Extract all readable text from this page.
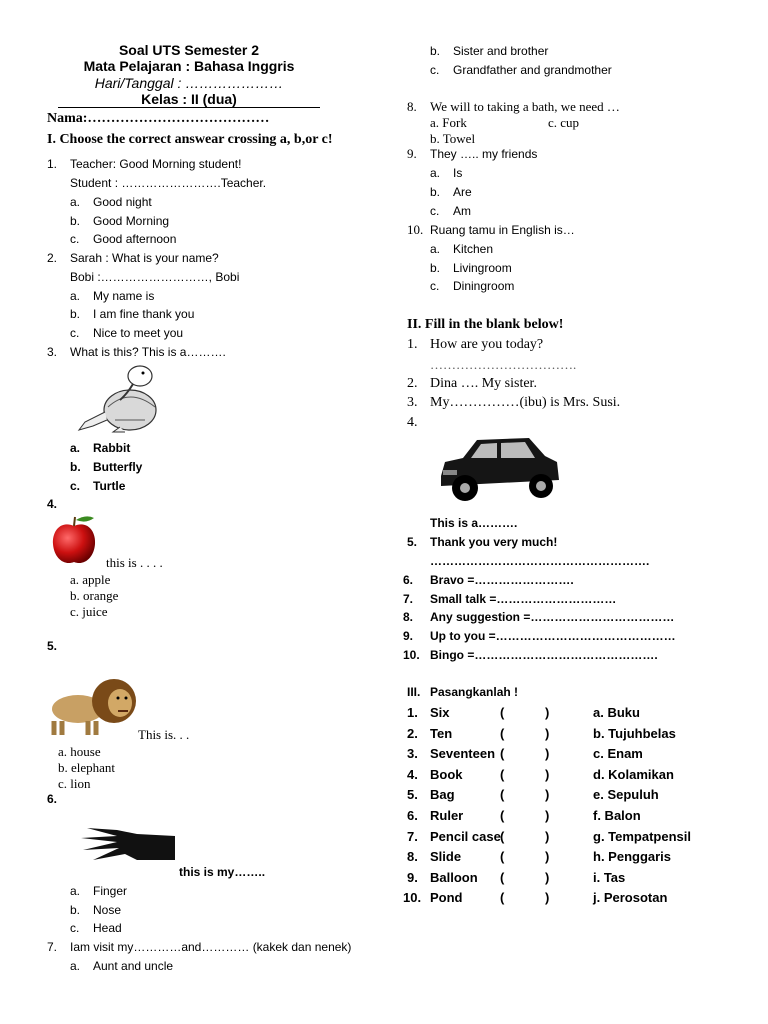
Soal UTS Semester 2
Mata Pelajaran : Bahasa Inggris
Hari/Tanggal : …………………
Kelas : II (dua)
Nama:…………………………………
I. Choose the correct answear crossing a, b,or c!
1. Teacher: Good Morning student!
Student : …………………….Teacher.
a. Good night
b. Good Morning
c. Good afternoon
2. Sarah : What is your name?
Bobi :………………………, Bobi
a. My name is
b. I am fine thank you
c. Nice to meet you
3. What is this? This is a……….
a. Rabbit
b. Butterfly
c. Turtle
4.
this is . . . .
a. apple
b. orange
c. juice
5.
This is. . .
a. house
b. elephant
c. lion
6.
this is my……..
a. Finger
b. Nose
c. Head
7. Iam visit my…………and………… (kakek dan nenek)
a. Aunt and uncle
b. Sister and brother
c. Grandfather and grandmother
8. We will to taking a bath, we need …
a. Fork	c. cup
b. Towel
9. They ….. my friends
a. Is
b. Are
c. Am
10. Ruang tamu in English is…
a. Kitchen
b. Livingroom
c. Diningroom
II. Fill in the blank below!
1. How are you today?
…………………………….
2. Dina …. My sister.
3. My……………(ibu) is Mrs. Susi.
4.
This is a……….
5. Thank you very much!
……………………………………………….
6. Bravo =…………………….
7. Small talk =…………………………
8. Any suggestion =………………………………
9. Up to you =………………………………………
10. Bingo =……………………………………….
III. Pasangkanlah !
1. Six	(	)	a. Buku
2. Ten	(	)	b. Tujuhbelas
3. Seventeen (	)	c. Enam
4. Book	(	)	d. Kolamikan
5. Bag	(	)	e. Sepuluh
6. Ruler	(	)	f. Balon
7. Pencil case (	)	g. Tempatpensil
8. Slide	(	)	h. Penggaris
9. Balloon (	)	i. Tas
10. Pond	(	)	j. Perosotan
